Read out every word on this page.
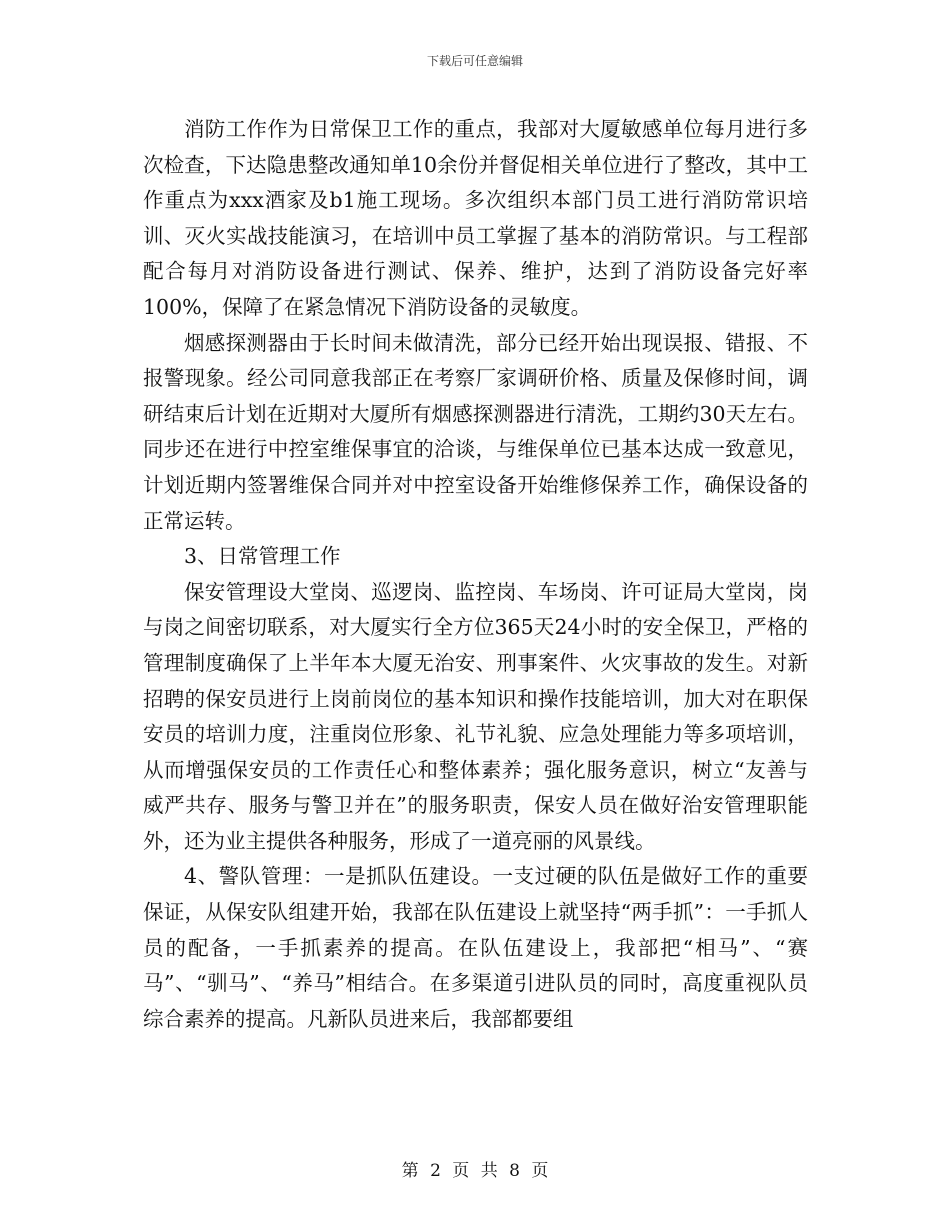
下载后可任意编辑

消防工作作为日常保卫工作的重点，我部对大厦敏感单位每月进行多次检查，下达隐患整改通知单10余份并督促相关单位进行了整改，其中工作重点为xxx酒家及b1施工现场。多次组织本部门员工进行消防常识培训、灭火实战技能演习，在培训中员工掌握了基本的消防常识。与工程部配合每月对消防设备进行测试、保养、维护，达到了消防设备完好率100%，保障了在紧急情况下消防设备的灵敏度。

烟感探测器由于长时间未做清洗，部分已经开始出现误报、错报、不报警现象。经公司同意我部正在考察厂家调研价格、质量及保修时间，调研结束后计划在近期对大厦所有烟感探测器进行清洗，工期约30天左右。同步还在进行中控室维保事宜的洽谈，与维保单位已基本达成一致意见，计划近期内签署维保合同并对中控室设备开始维修保养工作，确保设备的正常运转。

3、日常管理工作

保安管理设大堂岗、巡逻岗、监控岗、车场岗、许可证局大堂岗，岗与岗之间密切联系，对大厦实行全方位365天24小时的安全保卫，严格的管理制度确保了上半年本大厦无治安、刑事案件、火灾事故的发生。对新招聘的保安员进行上岗前岗位的基本知识和操作技能培训，加大对在职保安员的培训力度，注重岗位形象、礼节礼貌、应急处理能力等多项培训，从而增强保安员的工作责任心和整体素养；强化服务意识，树立“友善与威严共存、服务与警卫并在”的服务职责，保安人员在做好治安管理职能外，还为业主提供各种服务，形成了一道亮丽的风景线。

4、警队管理：一是抓队伍建设。一支过硬的队伍是做好工作的重要保证，从保安队组建开始，我部在队伍建设上就坚持“两手抓”：一手抓人员的配备，一手抓素养的提高。在队伍建设上，我部把“相马”、“赛马”、“驯马”、“养马”相结合。在多渠道引进队员的同时，高度重视队员综合素养的提高。凡新队员进来后，我部都要组

第 2 页 共 8 页
